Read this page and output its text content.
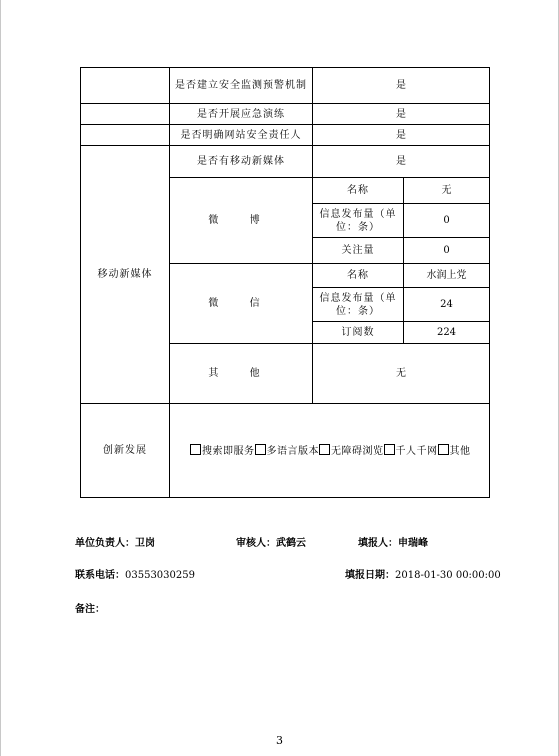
	是否建立安全监测预警机制	是	
	是否开展应急演练	是	
	是否明确网站安全责任人	是	
移动新媒体	是否有移动新媒体	是	
	微 博	名称	无
		信息发布量（单位：条）	0
		关注量	0
	微 信	名称	水润上党
		信息发布量（单位：条）	24
		订阅数	224
	其 他	无	
创新发展	搜索即服务 多语言版本 无障碍浏览 千人千网 其他		
单位负责人：卫岗	审核人：武鹤云	填报人：申瑞峰
联系电话：03553030259	填报日期：2018-01-30 00:00:00
备注：
3
